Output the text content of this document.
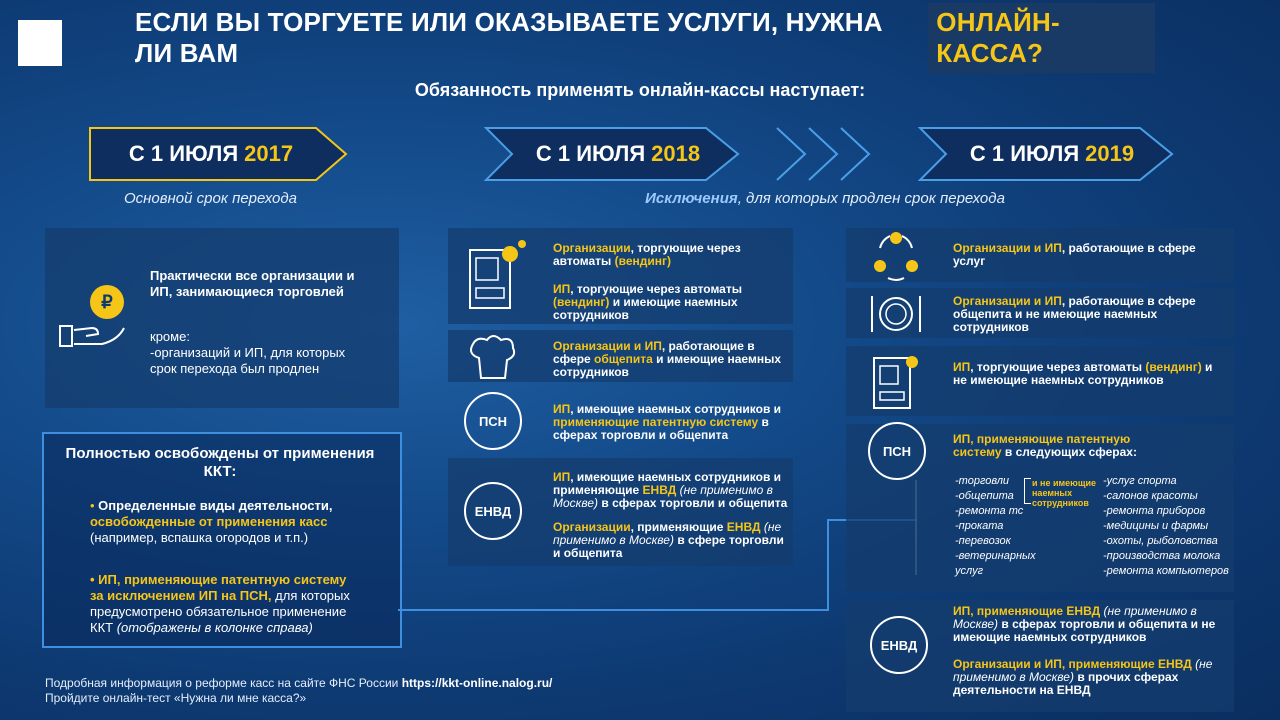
ЕСЛИ ВЫ ТОРГУЕТЕ ИЛИ ОКАЗЫВАЕТЕ УСЛУГИ, НУЖНА ЛИ ВАМ
ОНЛАЙН-КАССА?
Обязанность применять онлайн-кассы наступает:
С 1 ИЮЛЯ 2017
Основной срок перехода
С 1 ИЮЛЯ 2018	С 1 ИЮЛЯ 2019
Исключения, для которых продлен срок перехода
₽
Практически все организации и ИП, занимающиеся торговлей
кроме:
-организаций и ИП, для которых срок перехода был продлен
Полностью освобождены от применения ККТ:
• Определенные виды деятельности,
освобожденные от применения касс
(например, вспашка огородов и т.п.)
• ИП, применяющие патентную систему
за исключением ИП на ПСН, для которых
предусмотрено обязательное применение
ККТ (отображены в колонке справа)
Организации, торгующие через автоматы (вендинг)
ИП, торгующие через автоматы (вендинг) и имеющие наемных сотрудников
Организации и ИП, работающие в сфере общепита и имеющие наемных сотрудников
ПСН
ИП, имеющие наемных сотрудников и применяющие патентную систему в сферах торговли и общепита
ЕНВД
ИП, имеющие наемных сотрудников и применяющие ЕНВД (не применимо в Москве) в сферах торговли и общепита
Организации, применяющие ЕНВД (не применимо в Москве) в сфере торговли и общепита
Организации и ИП, работающие в сфере услуг
Организации и ИП, работающие в сфере общепита и не имеющие наемных сотрудников
ИП, торгующие через автоматы (вендинг) и не имеющие наемных сотрудников
ПСН
ИП, применяющие патентную
систему в следующих сферах:
-торговли
-общепита
-ремонта тс
-проката
-перевозок
-ветеринарных
услуг
и не имеющие наемных сотрудников
-услуг спорта
-салонов красоты
-ремонта приборов
-медицины и фармы
-охоты, рыболовства
-производства молока
-ремонта компьютеров
ЕНВД
ИП, применяющие ЕНВД (не применимо в Москве) в сферах торговли и общепита и не имеющие наемных сотрудников
Организации и ИП, применяющие ЕНВД (не применимо в Москве) в прочих сферах деятельности на ЕНВД
Подробная информация о реформе касс на сайте ФНС России https://kkt-online.nalog.ru/
Пройдите онлайн-тест «Нужна ли мне касса?»
